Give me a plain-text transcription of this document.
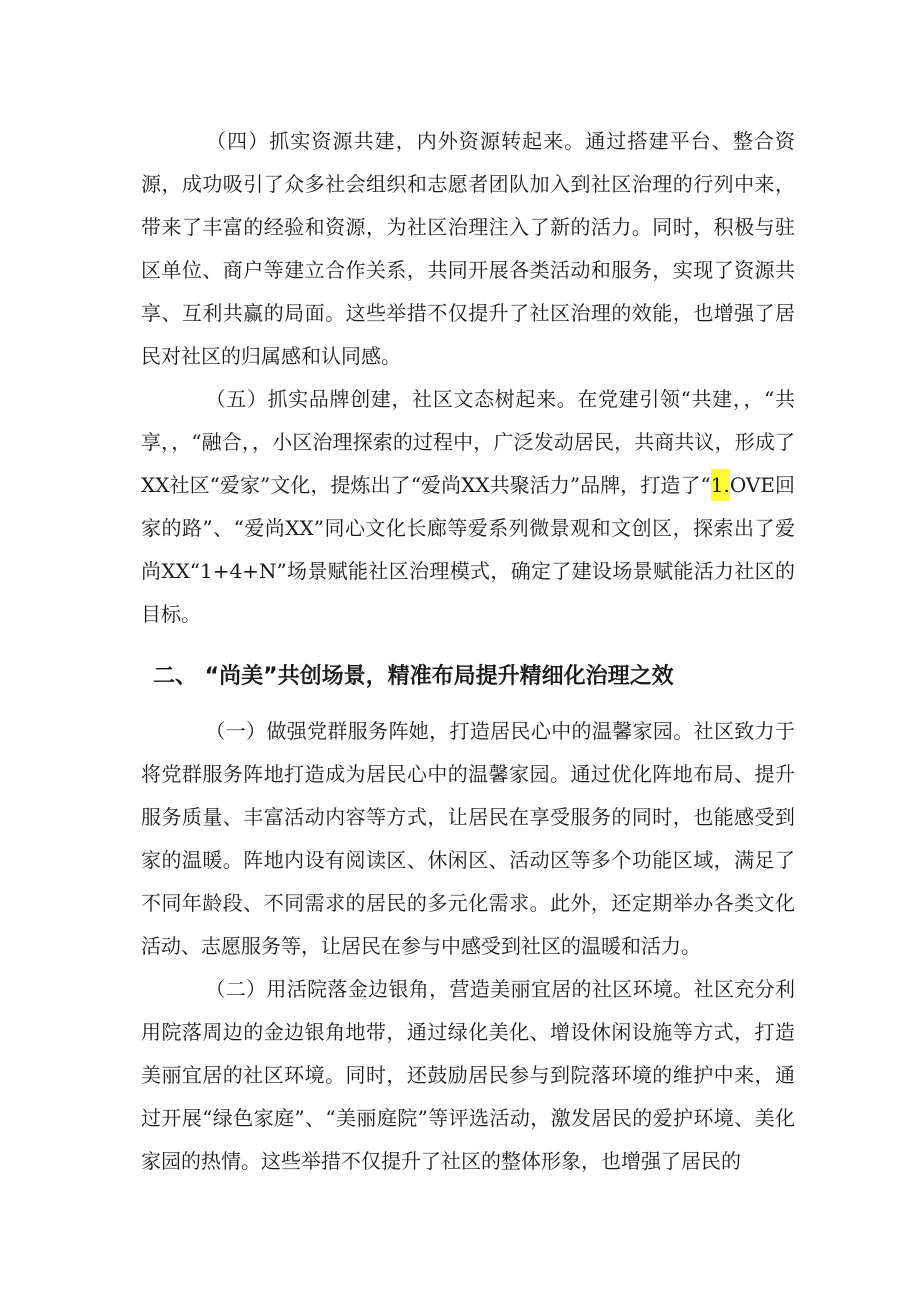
（四）抓实资源共建，内外资源转起来。通过搭建平台、整合资源，成功吸引了众多社会组织和志愿者团队加入到社区治理的行列中来，带来了丰富的经验和资源，为社区治理注入了新的活力。同时，积极与驻区单位、商户等建立合作关系，共同开展各类活动和服务，实现了资源共享、互利共赢的局面。这些举措不仅提升了社区治理的效能，也增强了居民对社区的归属感和认同感。

（五）抓实品牌创建，社区文态树起来。在党建引领“共建，，“共享，，“融合，，小区治理探索的过程中，广泛发动居民，共商共议，形成了XX社区“爱家”文化，提炼出了“爱尚XX共聚活力”品牌，打造了“1.OVE回家的路”、“爱尚XX”同心文化长廊等爱系列微景观和文创区，探索出了爱尚XX“1+4+N”场景赋能社区治理模式，确定了建设场景赋能活力社区的目标。

二、 “尚美”共创场景，精准布局提升精细化治理之效

（一）做强党群服务阵她，打造居民心中的温馨家园。社区致力于将党群服务阵地打造成为居民心中的温馨家园。通过优化阵地布局、提升服务质量、丰富活动内容等方式，让居民在享受服务的同时，也能感受到家的温暖。阵地内设有阅读区、休闲区、活动区等多个功能区域，满足了不同年龄段、不同需求的居民的多元化需求。此外，还定期举办各类文化活动、志愿服务等，让居民在参与中感受到社区的温暖和活力。

（二）用活院落金边银角，营造美丽宜居的社区环境。社区充分利用院落周边的金边银角地带，通过绿化美化、增设休闲设施等方式，打造美丽宜居的社区环境。同时，还鼓励居民参与到院落环境的维护中来，通过开展“绿色家庭”、“美丽庭院”等评选活动，激发居民的爱护环境、美化家园的热情。这些举措不仅提升了社区的整体形象，也增强了居民的
